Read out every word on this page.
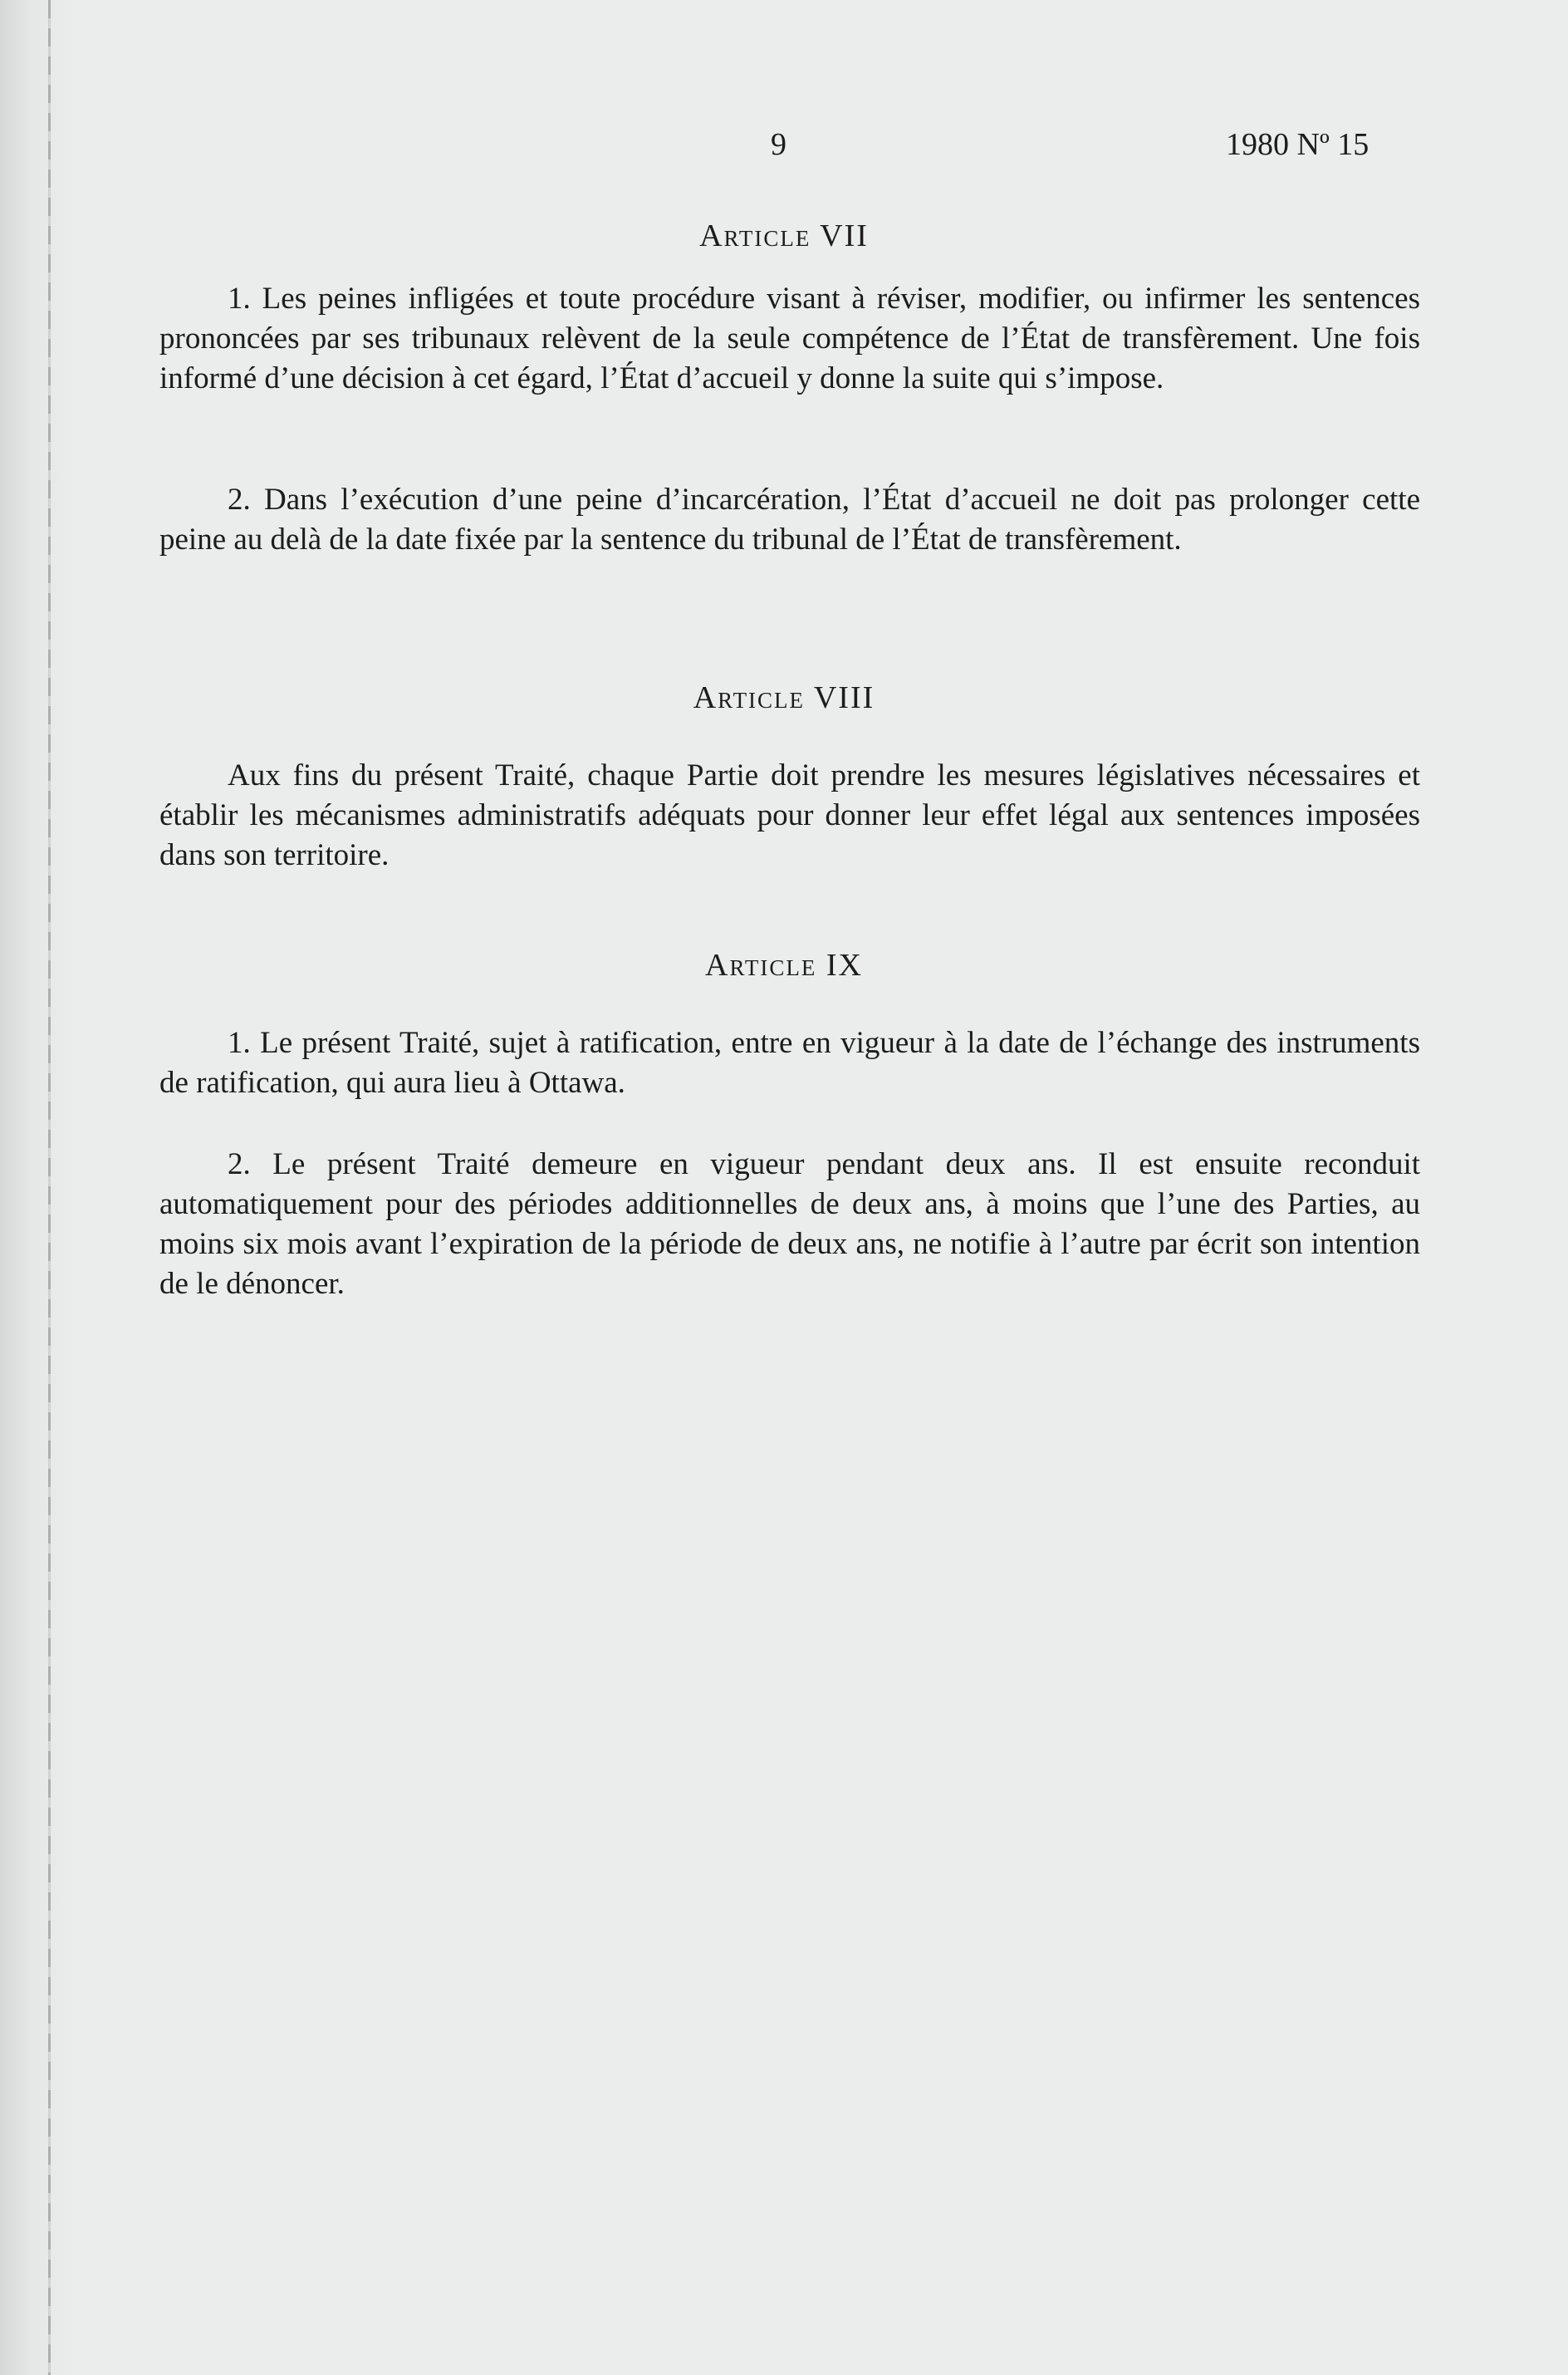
9	1980 Nº 15
Article VII

1. Les peines infligées et toute procédure visant à réviser, modifier, ou infirmer les sentences prononcées par ses tribunaux relèvent de la seule compétence de l’État de transfèrement. Une fois informé d’une décision à cet égard, l’État d’accueil y donne la suite qui s’impose.

2. Dans l’exécution d’une peine d’incarcération, l’État d’accueil ne doit pas prolonger cette peine au delà de la date fixée par la sentence du tribunal de l’État de transfèrement.

Article VIII

Aux fins du présent Traité, chaque Partie doit prendre les mesures législatives nécessaires et établir les mécanismes administratifs adéquats pour donner leur effet légal aux sentences imposées dans son territoire.

Article IX

1. Le présent Traité, sujet à ratification, entre en vigueur à la date de l’échange des instruments de ratification, qui aura lieu à Ottawa.

2. Le présent Traité demeure en vigueur pendant deux ans. Il est ensuite reconduit automatiquement pour des périodes additionnelles de deux ans, à moins que l’une des Parties, au moins six mois avant l’expiration de la période de deux ans, ne notifie à l’autre par écrit son intention de le dénoncer.
